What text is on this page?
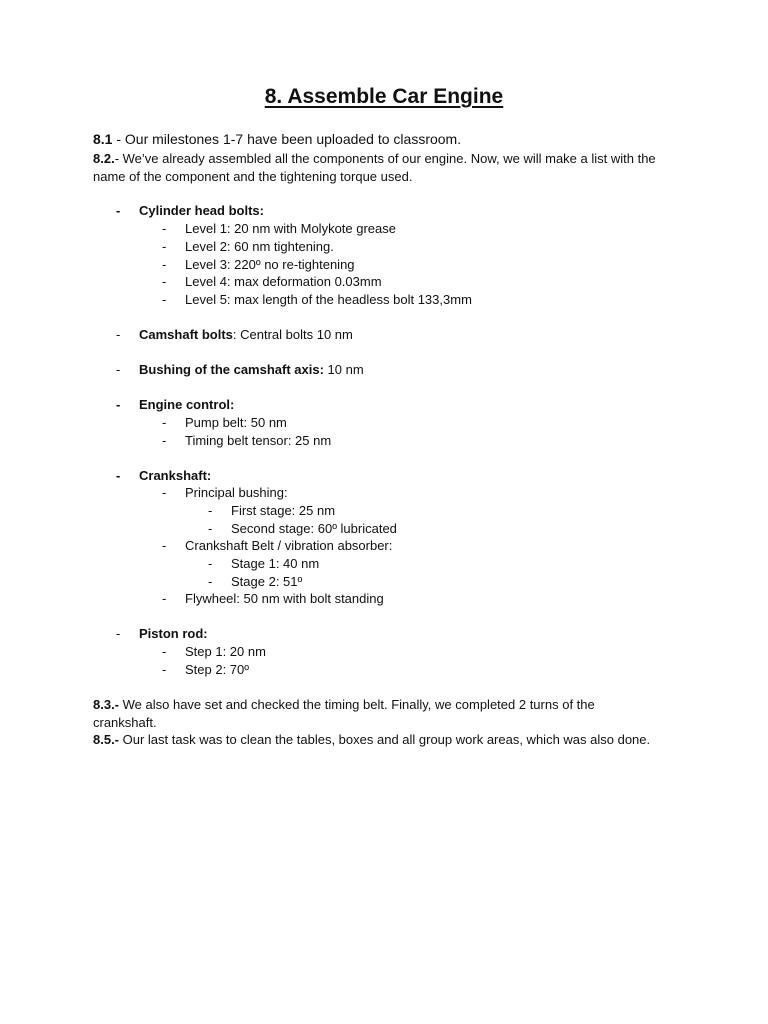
8. Assemble Car Engine
8.1 - Our milestones 1-7 have been uploaded to classroom.
8.2.- We’ve already assembled all the components of our engine. Now, we will make a list with the name of the component and the tightening torque used.
- Cylinder head bolts:
- Level 1: 20 nm with Molykote grease
- Level 2: 60 nm tightening.
- Level 3: 220º no re-tightening
- Level 4: max deformation 0.03mm
- Level 5: max length of the headless bolt 133,3mm
- Camshaft bolts: Central bolts 10 nm
- Bushing of the camshaft axis: 10 nm
- Engine control:
- Pump belt: 50 nm
- Timing belt tensor: 25 nm
- Crankshaft:
- Principal bushing:
- First stage: 25 nm
- Second stage: 60º lubricated
- Crankshaft Belt / vibration absorber:
- Stage 1: 40 nm
- Stage 2: 51º
- Flywheel: 50 nm with bolt standing
- Piston rod:
- Step 1: 20 nm
- Step 2: 70º
8.3.- We also have set and checked the timing belt. Finally, we completed 2 turns of the crankshaft.
8.5.- Our last task was to clean the tables, boxes and all group work areas, which was also done.
